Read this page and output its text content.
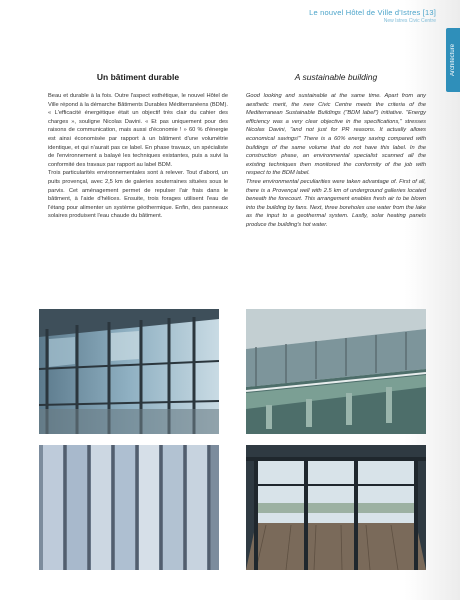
Le nouvel Hôtel de Ville d'Istres [13]
New Istres Civic Centre
Architecture
Un bâtiment durable

Beau et durable à la fois. Outre l'aspect esthétique, le nouvel Hôtel de Ville répond à la démarche Bâtiments Durables Méditerranéens (BDM). « L'efficacité énergétique était un objectif très clair du cahier des charges », souligne Nicolas Davini. « Et pas uniquement pour des raisons de communication, mais aussi d'économie ! » 60 % d'énergie est ainsi économisée par rapport à un bâtiment d'une volumétrie identique, et qui n'aurait pas ce label. En phase travaux, un spécialiste de l'environnement a balayé les techniques existantes, puis a suivi la conformité des travaux par rapport au label BDM.

Trois particularités environnementales sont à relever. Tout d'abord, un puits provençal, avec 2,5 km de galeries souterraines situées sous le parvis. Cet aménagement permet de repulser l'air frais dans le bâtiment, à l'aide d'hélices. Ensuite, trois forages utilisent l'eau de l'étang pour alimenter un système géothermique. Enfin, des panneaux solaires produisent l'eau chaude du bâtiment.

A sustainable building

Good looking and sustainable at the same time. Apart from any aesthetic merit, the new Civic Centre meets the criteria of the Mediterranean Sustainable Buildings ("BDM label") initiative. "Energy efficiency was a very clear objective in the specifications," stresses Nicolas Davini, "and not just for PR reasons. It actually allows economical savings!" There is a 60% energy saving compared with buildings of the same volume that do not have this label. In the construction phase, an environmental specialist scanned all the existing techniques then monitored the conformity of the job with respect to the BDM label.

Three environmental peculiarities were taken advantage of. First of all, there is a Provençal well with 2.5 km of underground galleries located beneath the forecourt. This arrangement enables fresh air to be blown into the building by fans. Next, three boreholes use water from the lake as the input to a geothermal system. Lastly, solar heating panels produce the building's hot water.
